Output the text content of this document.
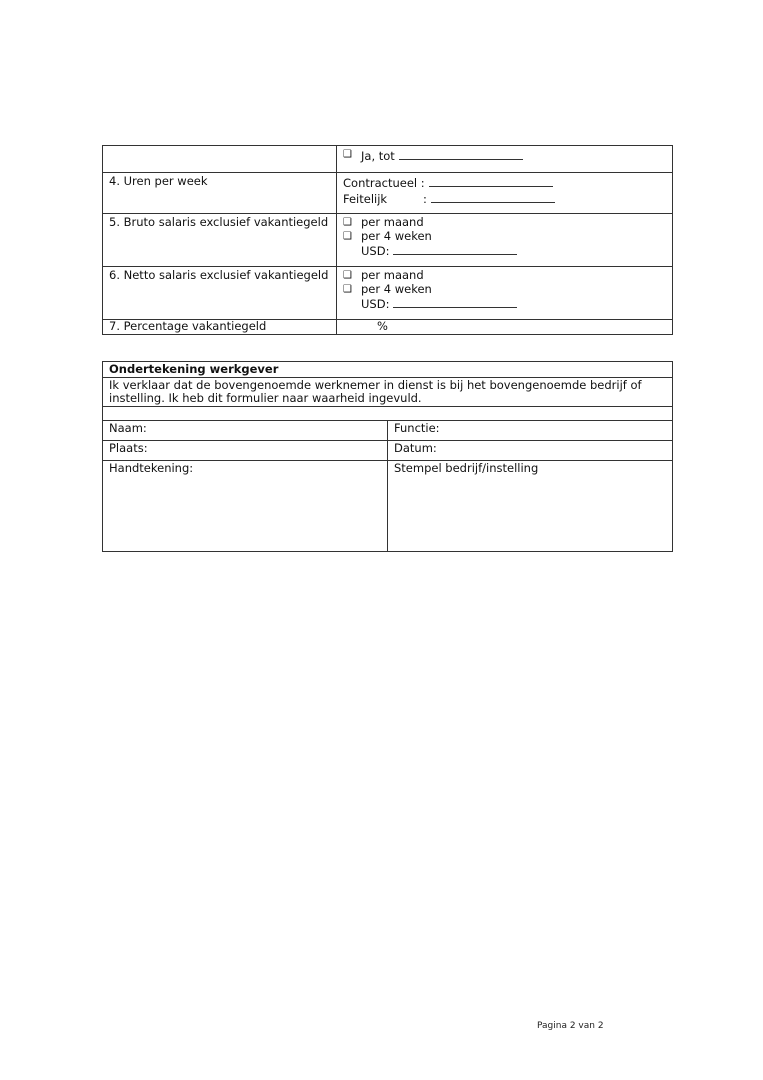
	❑ Ja, tot
4. Uren per week	Contractueel :
Feitelijk :

5. Bruto salaris exclusief vakantiegeld	❑ per maand
❑ per 4 weken
USD:

6. Netto salaris exclusief vakantiegeld	❑ per maand
❑ per 4 weken
USD:

7. Percentage vakantiegeld	%
Ondertekening werkgever	
Ik verklaar dat de bovengenoemde werknemer in dienst is bij het bovengenoemde bedrijf of instelling. Ik heb dit formulier naar waarheid ingevuld.	

Naam:	Functie:
Plaats:	Datum:
Handtekening:	Stempel bedrijf/instelling
Pagina 2 van 2
